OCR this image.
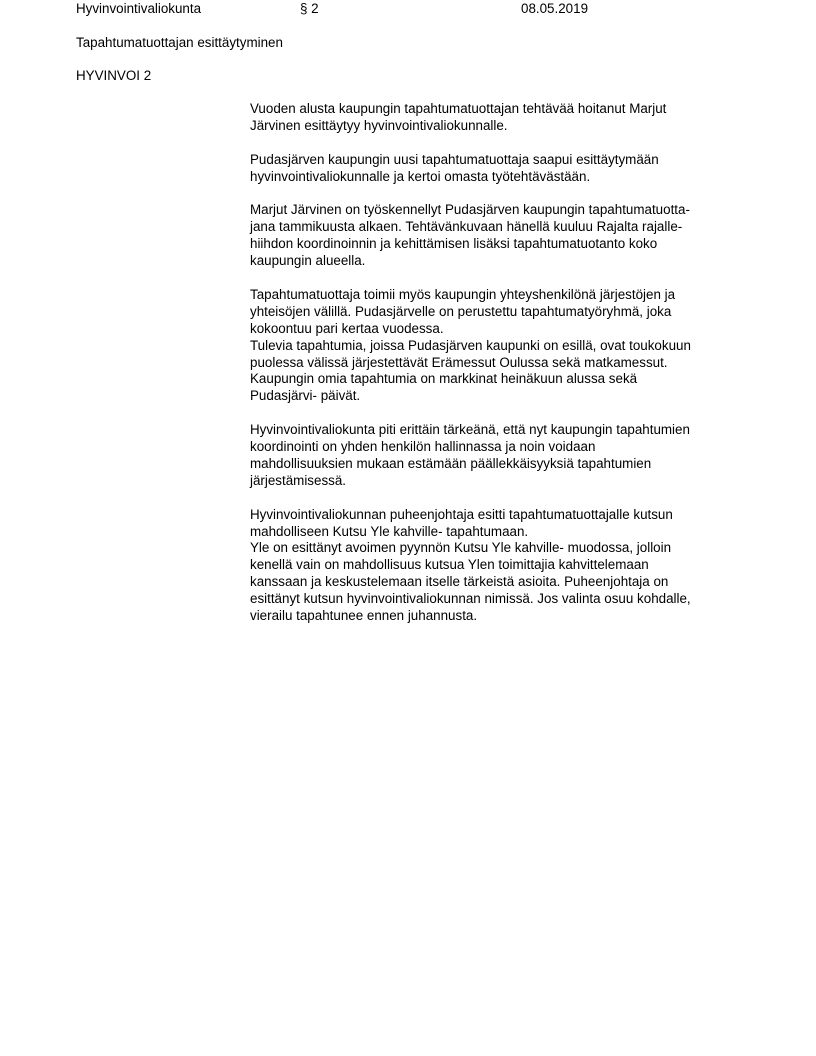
Hyvinvointivaliokunta	§ 2	08.05.2019
Tapahtumatuottajan esittäytyminen
HYVINVOI 2
Vuoden alusta kaupungin tapahtumatuottajan tehtävää hoitanut Marjut
Järvinen esittäytyy hyvinvointivaliokunnalle.
Pudasjärven kaupungin uusi tapahtumatuottaja saapui esittäytymään
hyvinvointivaliokunnalle ja kertoi omasta työtehtävästään.
Marjut Järvinen on työskennellyt Pudasjärven kaupungin tapahtumatuotta-
jana tammikuusta alkaen. Tehtävänkuvaan hänellä kuuluu Rajalta rajalle-
hiihdon koordinoinnin ja kehittämisen lisäksi tapahtumatuotanto koko
kaupungin alueella.
Tapahtumatuottaja toimii myös kaupungin yhteyshenkilönä järjestöjen ja
yhteisöjen välillä. Pudasjärvelle on perustettu tapahtumatyöryhmä, joka
kokoontuu pari kertaa vuodessa.
Tulevia tapahtumia, joissa Pudasjärven kaupunki on esillä, ovat toukokuun
puolessa välissä järjestettävät Erämessut Oulussa sekä matkamessut.
Kaupungin omia tapahtumia on markkinat heinäkuun alussa sekä
Pudasjärvi- päivät.
Hyvinvointivaliokunta piti erittäin tärkeänä, että nyt kaupungin tapahtumien
koordinointi on yhden henkilön hallinnassa ja noin voidaan
mahdollisuuksien mukaan estämään päällekkäisyyksiä tapahtumien
järjestämisessä.
Hyvinvointivaliokunnan puheenjohtaja esitti tapahtumatuottajalle kutsun
mahdolliseen Kutsu Yle kahville- tapahtumaan.
Yle on esittänyt avoimen pyynnön Kutsu Yle kahville- muodossa, jolloin
kenellä vain on mahdollisuus kutsua Ylen toimittajia kahvittelemaan
kanssaan ja keskustelemaan itselle tärkeistä asioita. Puheenjohtaja on
esittänyt kutsun hyvinvointivaliokunnan nimissä. Jos valinta osuu kohdalle,
vierailu tapahtunee ennen juhannusta.
